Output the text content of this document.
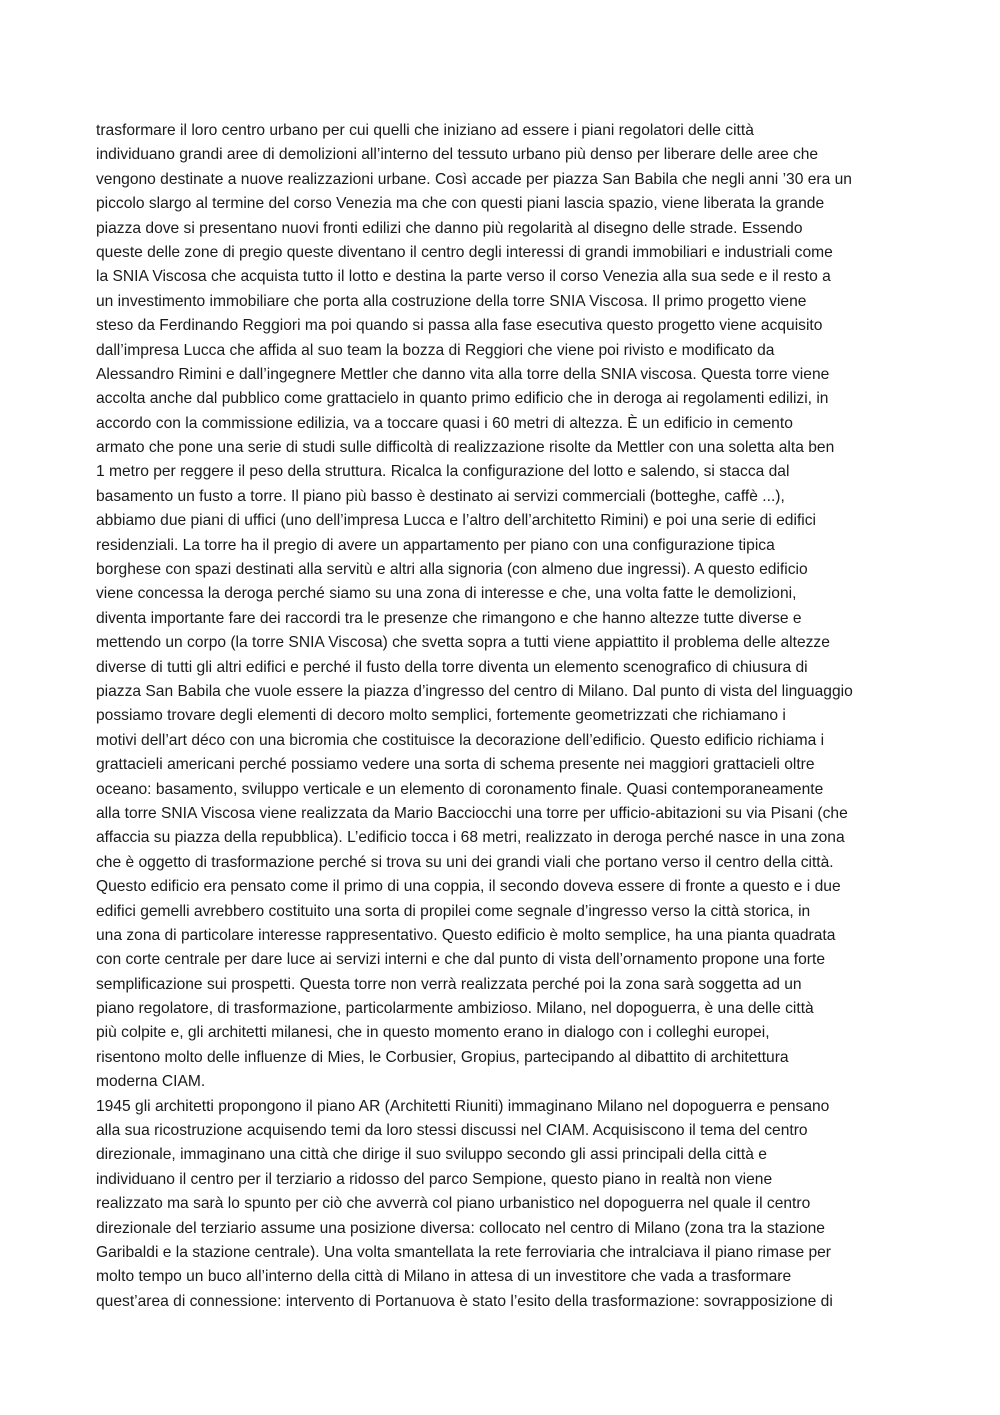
trasformare il loro centro urbano per cui quelli che iniziano ad essere i piani regolatori delle città
individuano grandi aree di demolizioni all’interno del tessuto urbano più denso per liberare delle aree che
vengono destinate a nuove realizzazioni urbane. Così accade per piazza San Babila che negli anni ’30 era un
piccolo slargo al termine del corso Venezia ma che con questi piani lascia spazio, viene liberata la grande
piazza dove si presentano nuovi fronti edilizi che danno più regolarità al disegno delle strade. Essendo
queste delle zone di pregio queste diventano il centro degli interessi di grandi immobiliari e industriali come
la SNIA Viscosa che acquista tutto il lotto e destina la parte verso il corso Venezia alla sua sede e il resto a
un investimento immobiliare che porta alla costruzione della torre SNIA Viscosa. Il primo progetto viene
steso da Ferdinando Reggiori ma poi quando si passa alla fase esecutiva questo progetto viene acquisito
dall’impresa Lucca che affida al suo team la bozza di Reggiori che viene poi rivisto e modificato da
Alessandro Rimini e dall’ingegnere Mettler che danno vita alla torre della SNIA viscosa. Questa torre viene
accolta anche dal pubblico come grattacielo in quanto primo edificio che in deroga ai regolamenti edilizi, in
accordo con la commissione edilizia, va a toccare quasi i 60 metri di altezza. È un edificio in cemento
armato che pone una serie di studi sulle difficoltà di realizzazione risolte da Mettler con una soletta alta ben
1 metro per reggere il peso della struttura. Ricalca la configurazione del lotto e salendo, si stacca dal
basamento un fusto a torre. Il piano più basso è destinato ai servizi commerciali (botteghe, caffè ...),
abbiamo due piani di uffici (uno dell’impresa Lucca e l’altro dell’architetto Rimini) e poi una serie di edifici
residenziali. La torre ha il pregio di avere un appartamento per piano con una configurazione tipica
borghese con spazi destinati alla servitù e altri alla signoria (con almeno due ingressi). A questo edificio
viene concessa la deroga perché siamo su una zona di interesse e che, una volta fatte le demolizioni,
diventa importante fare dei raccordi tra le presenze che rimangono e che hanno altezze tutte diverse e
mettendo un corpo (la torre SNIA Viscosa) che svetta sopra a tutti viene appiattito il problema delle altezze
diverse di tutti gli altri edifici e perché il fusto della torre diventa un elemento scenografico di chiusura di
piazza San Babila che vuole essere la piazza d’ingresso del centro di Milano. Dal punto di vista del linguaggio
possiamo trovare degli elementi di decoro molto semplici, fortemente geometrizzati che richiamano i
motivi dell’art déco con una bicromia che costituisce la decorazione dell’edificio. Questo edificio richiama i
grattacieli americani perché possiamo vedere una sorta di schema presente nei maggiori grattacieli oltre
oceano: basamento, sviluppo verticale e un elemento di coronamento finale. Quasi contemporaneamente
alla torre SNIA Viscosa viene realizzata da Mario Bacciocchi una torre per ufficio-abitazioni su via Pisani (che
affaccia su piazza della repubblica). L’edificio tocca i 68 metri, realizzato in deroga perché nasce in una zona
che è oggetto di trasformazione perché si trova su uni dei grandi viali che portano verso il centro della città.
Questo edificio era pensato come il primo di una coppia, il secondo doveva essere di fronte a questo e i due
edifici gemelli avrebbero costituito una sorta di propilei come segnale d’ingresso verso la città storica, in
una zona di particolare interesse rappresentativo. Questo edificio è molto semplice, ha una pianta quadrata
con corte centrale per dare luce ai servizi interni e che dal punto di vista dell’ornamento propone una forte
semplificazione sui prospetti. Questa torre non verrà realizzata perché poi la zona sarà soggetta ad un
piano regolatore, di trasformazione, particolarmente ambizioso. Milano, nel dopoguerra, è una delle città
più colpite e, gli architetti milanesi, che in questo momento erano in dialogo con i colleghi europei,
risentono molto delle influenze di Mies, le Corbusier, Gropius, partecipando al dibattito di architettura
moderna CIAM.
1945 gli architetti propongono il piano AR (Architetti Riuniti) immaginano Milano nel dopoguerra e pensano
alla sua ricostruzione acquisendo temi da loro stessi discussi nel CIAM. Acquisiscono il tema del centro
direzionale, immaginano una città che dirige il suo sviluppo secondo gli assi principali della città e
individuano il centro per il terziario a ridosso del parco Sempione, questo piano in realtà non viene
realizzato ma sarà lo spunto per ciò che avverrà col piano urbanistico nel dopoguerra nel quale il centro
direzionale del terziario assume una posizione diversa: collocato nel centro di Milano (zona tra la stazione
Garibaldi e la stazione centrale). Una volta smantellata la rete ferroviaria che intralciava il piano rimase per
molto tempo un buco all’interno della città di Milano in attesa di un investitore che vada a trasformare
quest’area di connessione: intervento di Portanuova è stato l’esito della trasformazione: sovrapposizione di
